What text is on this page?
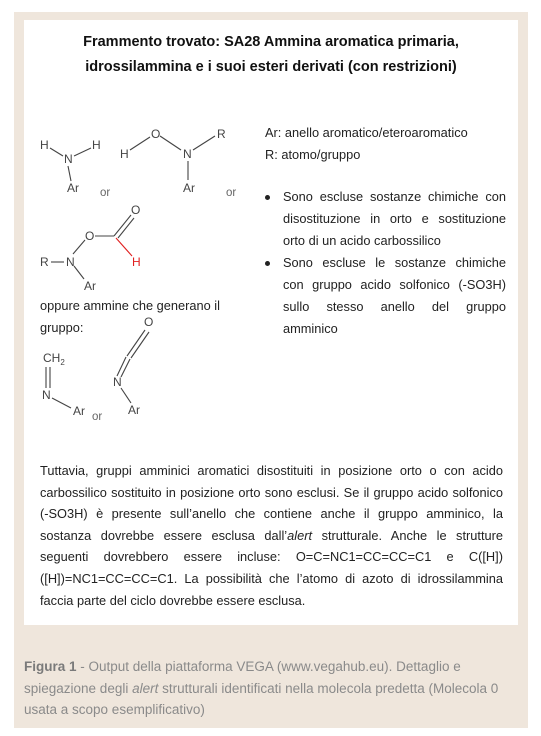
Frammento trovato: SA28 Ammina aromatica primaria,
idrossilammina e i suoi esteri derivati (con restrizioni)
H	H
N
Ar or
H
O
N
R
Ar	or
R N
Ar
O
O
H
$CH_2$
N
Ar or
O
N
Ar
Ar: anello aromatico/eteroaromatico
R: atomo/gruppo
Sono escluse sostanze chimiche con disostituzione in orto e sostituzione orto di un acido carbossilico
Sono escluse le sostanze chimiche con gruppo acido solfonico (-SO3H) sullo stesso anello del gruppo amminico
oppure ammine che generano il gruppo:
Tuttavia, gruppi amminici aromatici disostituiti in posizione orto o con acido carbossilico sostituito in posizione orto sono esclusi. Se il gruppo acido solfonico (-SO3H) è presente sull’anello che contiene anche il gruppo amminico, la sostanza dovrebbe essere esclusa dall’alert strutturale. Anche le strutture seguenti dovrebbero essere incluse: O=C=NC1=CC=CC=C1 e C([H])([H])=NC1=CC=CC=C1. La possibilità che l’atomo di azoto di idrossilammina faccia parte del ciclo dovrebbe essere esclusa.
Figura 1 - Output della piattaforma VEGA (www.vegahub.eu). Dettaglio e spiegazione degli alert strutturali identificati nella molecola predetta (Molecola 0 usata a scopo esemplificativo)
